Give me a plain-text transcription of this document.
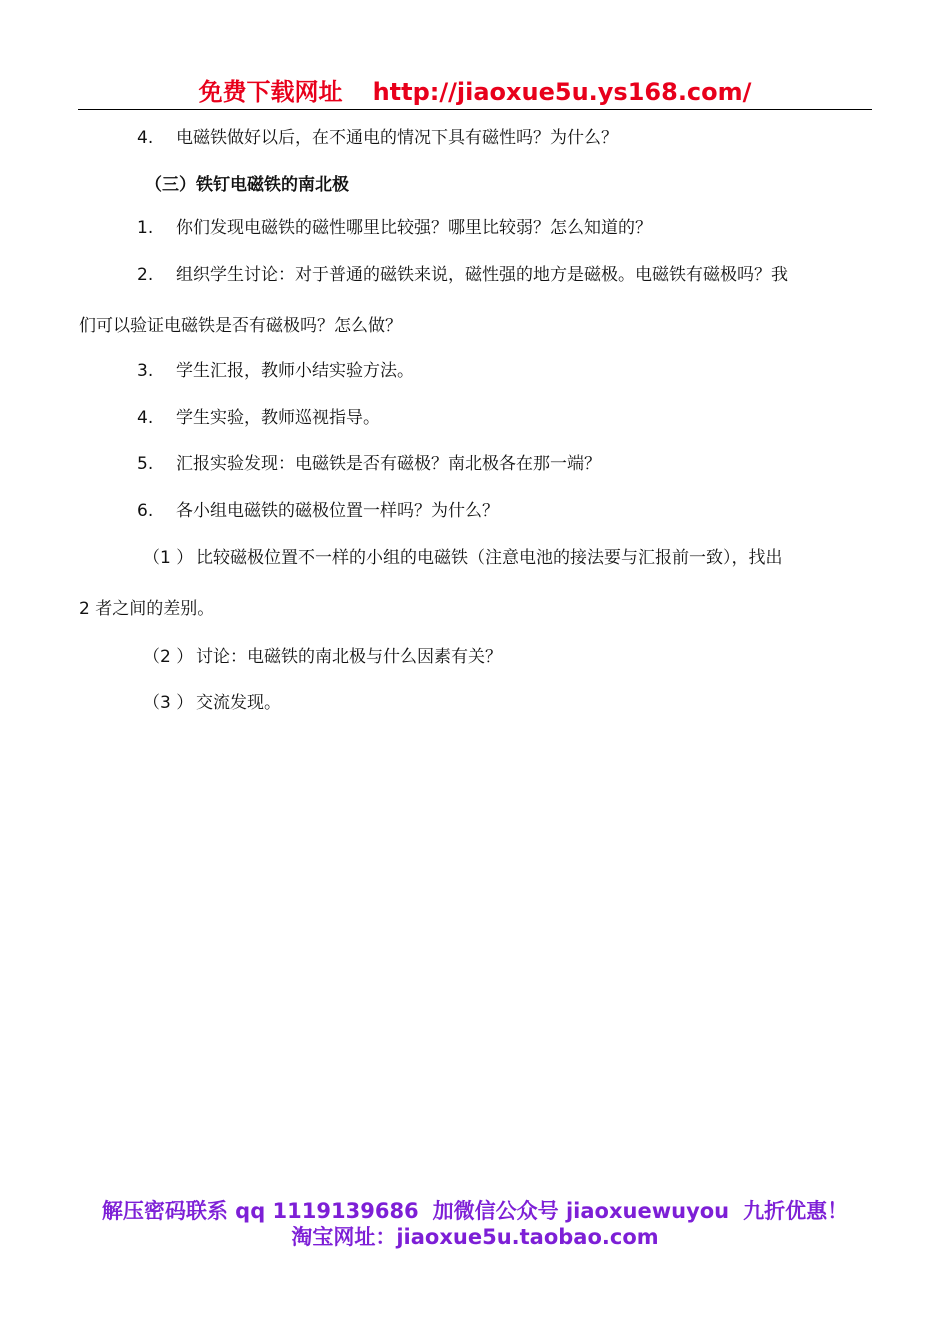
免费下载网址 http://jiaoxue5u.ys168.com/
4. 电磁铁做好以后，在不通电的情况下具有磁性吗？为什么？
（三）铁钉电磁铁的南北极
1. 你们发现电磁铁的磁性哪里比较强？哪里比较弱？怎么知道的？
2. 组织学生讨论：对于普通的磁铁来说，磁性强的地方是磁极。电磁铁有磁极吗？我
们可以验证电磁铁是否有磁极吗？怎么做？
3. 学生汇报，教师小结实验方法。
4. 学生实验，教师巡视指导。
5. 汇报实验发现：电磁铁是否有磁极？南北极各在那一端？
6. 各小组电磁铁的磁极位置一样吗？为什么？
（1 ） 比较磁极位置不一样的小组的电磁铁（注意电池的接法要与汇报前一致），找出
2 者之间的差别。
（2 ） 讨论：电磁铁的南北极与什么因素有关？
（3 ） 交流发现。
解压密码联系 qq 1119139686 加微信公众号 jiaoxuewuyou 九折优惠！
淘宝网址：jiaoxue5u.taobao.com
